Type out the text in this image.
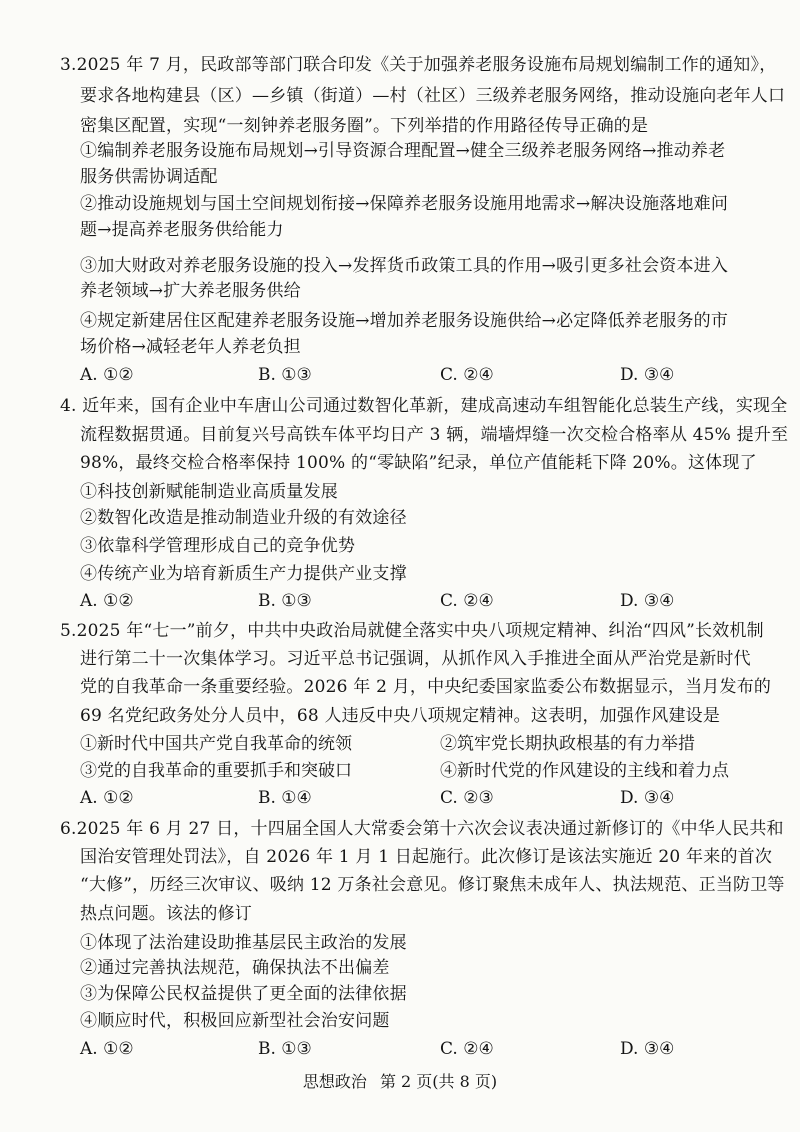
3.2025 年 7 月，民政部等部门联合印发《关于加强养老服务设施布局规划编制工作的通知》，
要求各地构建县（区）—乡镇（街道）—村（社区）三级养老服务网络，推动设施向老年人口
密集区配置，实现“一刻钟养老服务圈”。下列举措的作用路径传导正确的是
①编制养老服务设施布局规划→引导资源合理配置→健全三级养老服务网络→推动养老
服务供需协调适配
②推动设施规划与国土空间规划衔接→保障养老服务设施用地需求→解决设施落地难问
题→提高养老服务供给能力
③加大财政对养老服务设施的投入→发挥货币政策工具的作用→吸引更多社会资本进入
养老领域→扩大养老服务供给
④规定新建居住区配建养老服务设施→增加养老服务设施供给→必定降低养老服务的市
场价格→减轻老年人养老负担
A. ①②	B. ①③	C. ②④	D. ③④
4. 近年来，国有企业中车唐山公司通过数智化革新，建成高速动车组智能化总装生产线，实现全
流程数据贯通。目前复兴号高铁车体平均日产 3 辆，端墙焊缝一次交检合格率从 45% 提升至
98%，最终交检合格率保持 100% 的“零缺陷”纪录，单位产值能耗下降 20%。这体现了
①科技创新赋能制造业高质量发展
②数智化改造是推动制造业升级的有效途径
③依靠科学管理形成自己的竞争优势
④传统产业为培育新质生产力提供产业支撑
A. ①②	B. ①③	C. ②④	D. ③④
5.2025 年“七一”前夕，中共中央政治局就健全落实中央八项规定精神、纠治“四风”长效机制
进行第二十一次集体学习。习近平总书记强调，从抓作风入手推进全面从严治党是新时代
党的自我革命一条重要经验。2026 年 2 月，中央纪委国家监委公布数据显示，当月发布的
69 名党纪政务处分人员中，68 人违反中央八项规定精神。这表明，加强作风建设是
①新时代中国共产党自我革命的统领	②筑牢党长期执政根基的有力举措
③党的自我革命的重要抓手和突破口	④新时代党的作风建设的主线和着力点
A. ①②	B. ①④	C. ②③	D. ③④
6.2025 年 6 月 27 日，十四届全国人大常委会第十六次会议表决通过新修订的《中华人民共和
国治安管理处罚法》，自 2026 年 1 月 1 日起施行。此次修订是该法实施近 20 年来的首次
“大修”，历经三次审议、吸纳 12 万条社会意见。修订聚焦未成年人、执法规范、正当防卫等
热点问题。该法的修订
①体现了法治建设助推基层民主政治的发展
②通过完善执法规范，确保执法不出偏差
③为保障公民权益提供了更全面的法律依据
④顺应时代，积极回应新型社会治安问题
A. ①②	B. ①③	C. ②④	D. ③④
思想政治 第 2 页(共 8 页)
